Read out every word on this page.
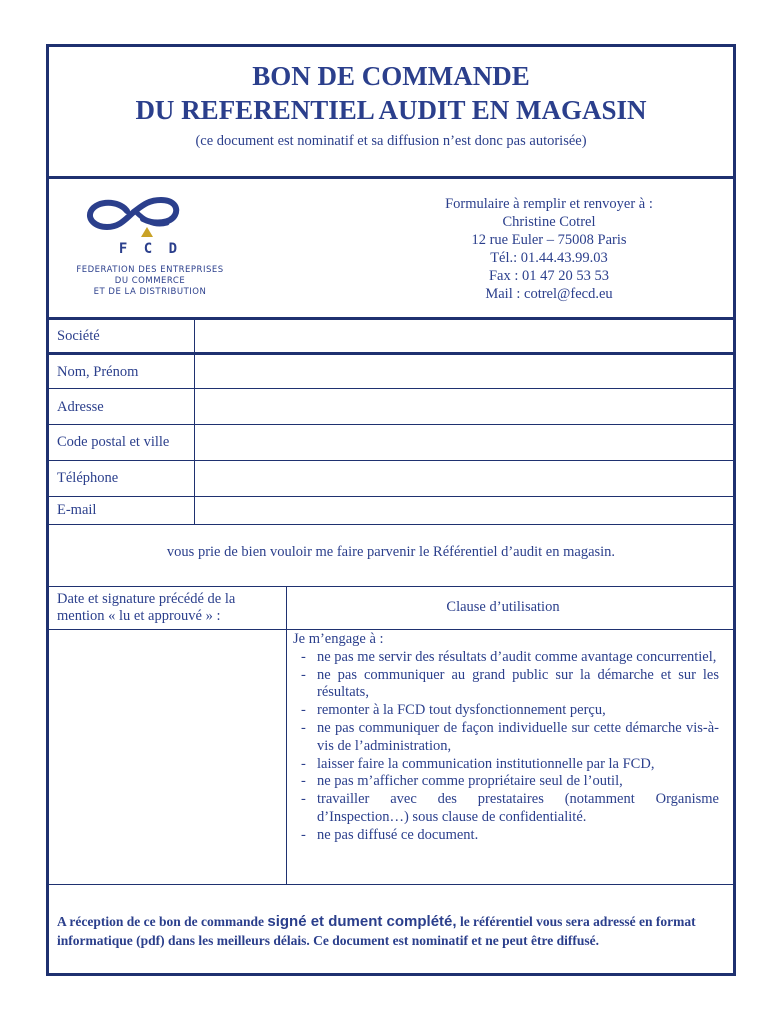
BON DE COMMANDE
DU REFERENTIEL AUDIT EN MAGASIN
(ce document est nominatif et sa diffusion n’est donc pas autorisée)
F C D
FEDERATION DES ENTREPRISES
DU COMMERCE
ET DE LA DISTRIBUTION
Formulaire à remplir et renvoyer à :
Christine Cotrel
12 rue Euler – 75008 Paris
Tél.: 01.44.43.99.03
Fax : 01 47 20 53 53
Mail : cotrel@fecd.eu
Société
Nom, Prénom
Adresse
Code postal et ville
Téléphone
E-mail
vous prie de bien vouloir me faire parvenir le Référentiel d’audit en magasin.
Date et signature précédé de la mention « lu et approuvé » :
Clause d’utilisation
Je m’engage à :
- ne pas me servir des résultats d’audit comme avantage concurrentiel,
- ne pas communiquer au grand public sur la démarche et sur les résultats,
- remonter à la FCD tout dysfonctionnement perçu,
- ne pas communiquer de façon individuelle sur cette démarche vis-à-vis de l’administration,
- laisser faire la communication institutionnelle par la FCD,
- ne pas m’afficher comme propriétaire seul de l’outil,
- travailler avec des prestataires (notamment Organisme d’Inspection…) sous clause de confidentialité.
- ne pas diffusé ce document.
A réception de ce bon de commande signé et dument complété, le référentiel vous sera adressé en format informatique (pdf) dans les meilleurs délais. Ce document est nominatif et ne peut être diffusé.
